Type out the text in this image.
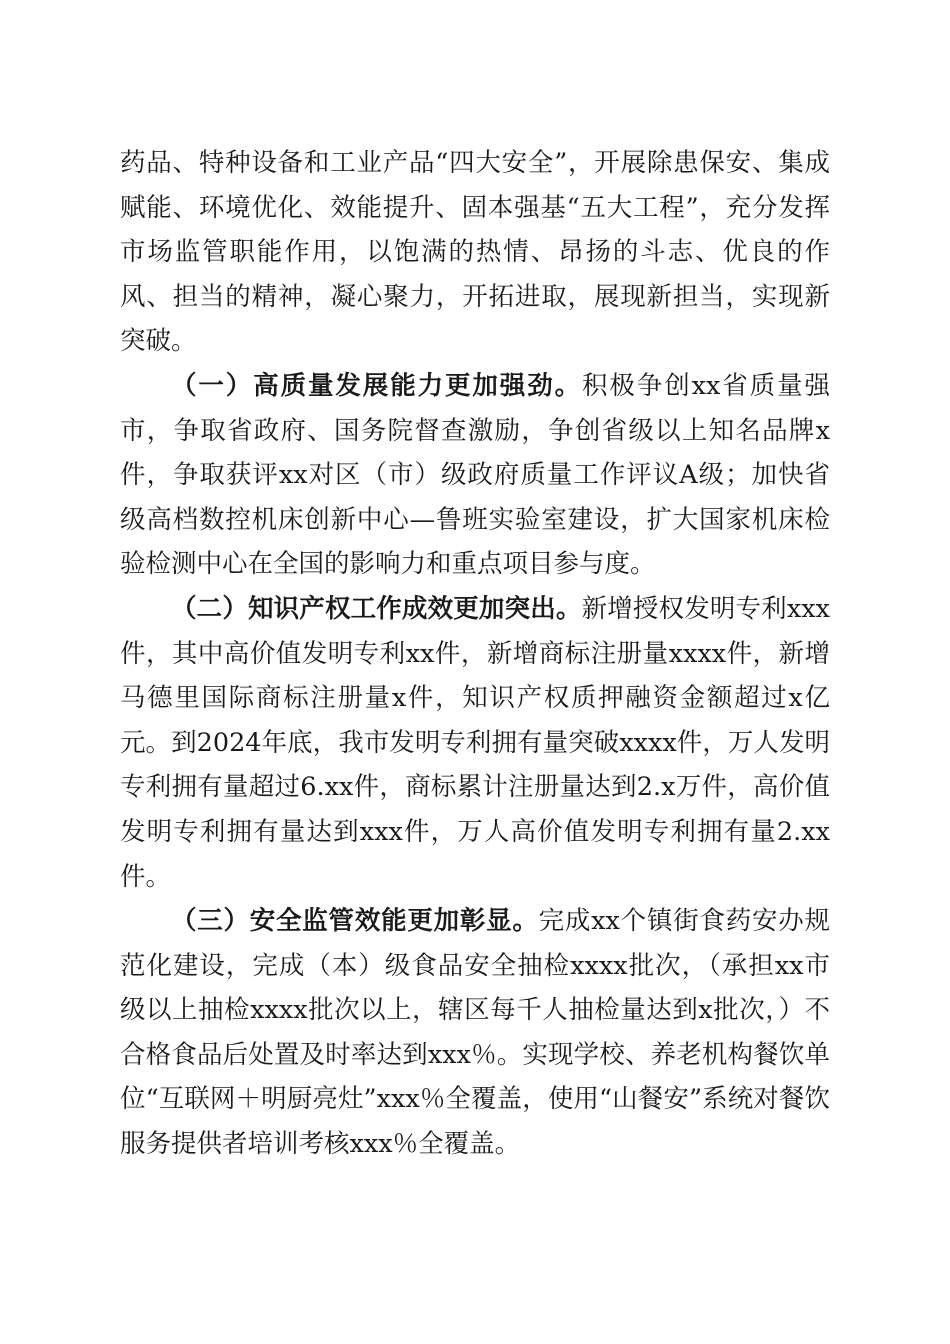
药品、特种设备和工业产品“四大安全”，开展除患保安、集成赋能、环境优化、效能提升、固本强基“五大工程”，充分发挥市场监管职能作用，以饱满的热情、昂扬的斗志、优良的作风、担当的精神，凝心聚力，开拓进取，展现新担当，实现新突破。

（一）高质量发展能力更加强劲。积极争创xx省质量强市，争取省政府、国务院督查激励，争创省级以上知名品牌x件，争取获评xx对区（市）级政府质量工作评议A级；加快省级高档数控机床创新中心—鲁班实验室建设，扩大国家机床检验检测中心在全国的影响力和重点项目参与度。

（二）知识产权工作成效更加突出。新增授权发明专利xxx件，其中高价值发明专利xx件，新增商标注册量xxxx件，新增马德里国际商标注册量x件，知识产权质押融资金额超过x亿元。到2024年底，我市发明专利拥有量突破xxxx件，万人发明专利拥有量超过6.xx件，商标累计注册量达到2.x万件，高价值发明专利拥有量达到xxx件，万人高价值发明专利拥有量2.xx件。

（三）安全监管效能更加彰显。完成xx个镇街食药安办规范化建设，完成（本）级食品安全抽检xxxx批次，（承担xx市级以上抽检xxxx批次以上，辖区每千人抽检量达到x批次，）不合格食品后处置及时率达到xxx％。实现学校、养老机构餐饮单位“互联网＋明厨亮灶”xxx％全覆盖，使用“山餐安”系统对餐饮服务提供者培训考核xxx％全覆盖。
